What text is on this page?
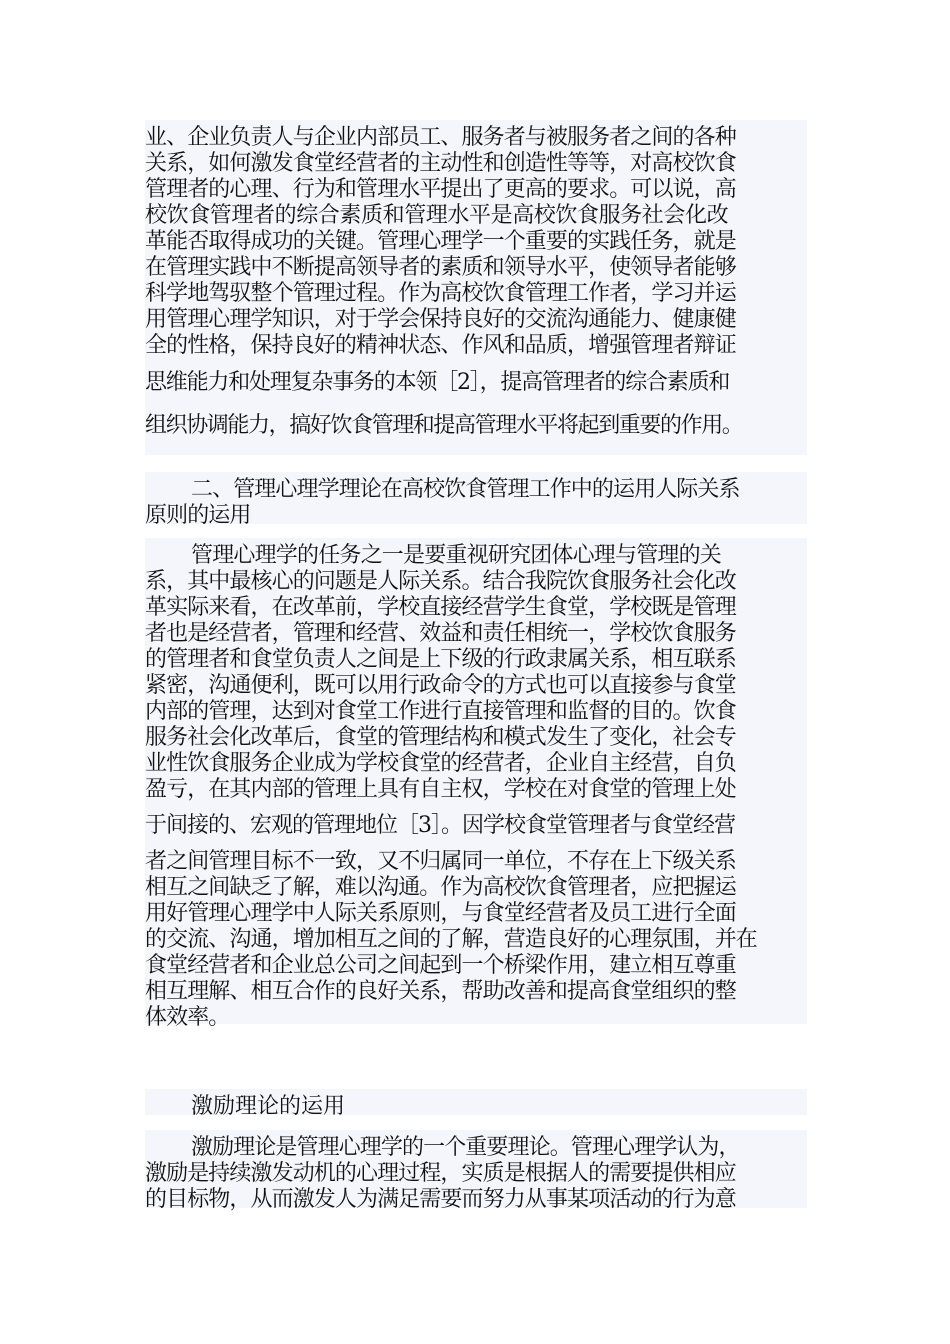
业、企业负责人与企业内部员工、服务者与被服务者之间的各种
关系，如何激发食堂经营者的主动性和创造性等等，对高校饮食
管理者的心理、行为和管理水平提出了更高的要求。可以说，高
校饮食管理者的综合素质和管理水平是高校饮食服务社会化改
革能否取得成功的关键。管理心理学一个重要的实践任务，就是
在管理实践中不断提高领导者的素质和领导水平，使领导者能够
科学地驾驭整个管理过程。作为高校饮食管理工作者，学习并运
用管理心理学知识，对于学会保持良好的交流沟通能力、健康健
全的性格，保持良好的精神状态、作风和品质，增强管理者辩证
思维能力和处理复杂事务的本领［2］，提高管理者的综合素质和
组织协调能力，搞好饮食管理和提高管理水平将起到重要的作用。
二、管理心理学理论在高校饮食管理工作中的运用人际关系
原则的运用
管理心理学的任务之一是要重视研究团体心理与管理的关
系，其中最核心的问题是人际关系。结合我院饮食服务社会化改
革实际来看，在改革前，学校直接经营学生食堂，学校既是管理
者也是经营者，管理和经营、效益和责任相统一，学校饮食服务
的管理者和食堂负责人之间是上下级的行政隶属关系，相互联系
紧密，沟通便利，既可以用行政命令的方式也可以直接参与食堂
内部的管理，达到对食堂工作进行直接管理和监督的目的。饮食
服务社会化改革后，食堂的管理结构和模式发生了变化，社会专
业性饮食服务企业成为学校食堂的经营者，企业自主经营，自负
盈亏，在其内部的管理上具有自主权，学校在对食堂的管理上处
于间接的、宏观的管理地位［3］。因学校食堂管理者与食堂经营
者之间管理目标不一致，又不归属同一单位，不存在上下级关系
相互之间缺乏了解，难以沟通。作为高校饮食管理者，应把握运
用好管理心理学中人际关系原则，与食堂经营者及员工进行全面
的交流、沟通，增加相互之间的了解，营造良好的心理氛围，并在
食堂经营者和企业总公司之间起到一个桥梁作用，建立相互尊重
相互理解、相互合作的良好关系，帮助改善和提高食堂组织的整
体效率。
激励理论的运用
激励理论是管理心理学的一个重要理论。管理心理学认为，
激励是持续激发动机的心理过程，实质是根据人的需要提供相应
的目标物，从而激发人为满足需要而努力从事某项活动的行为意
